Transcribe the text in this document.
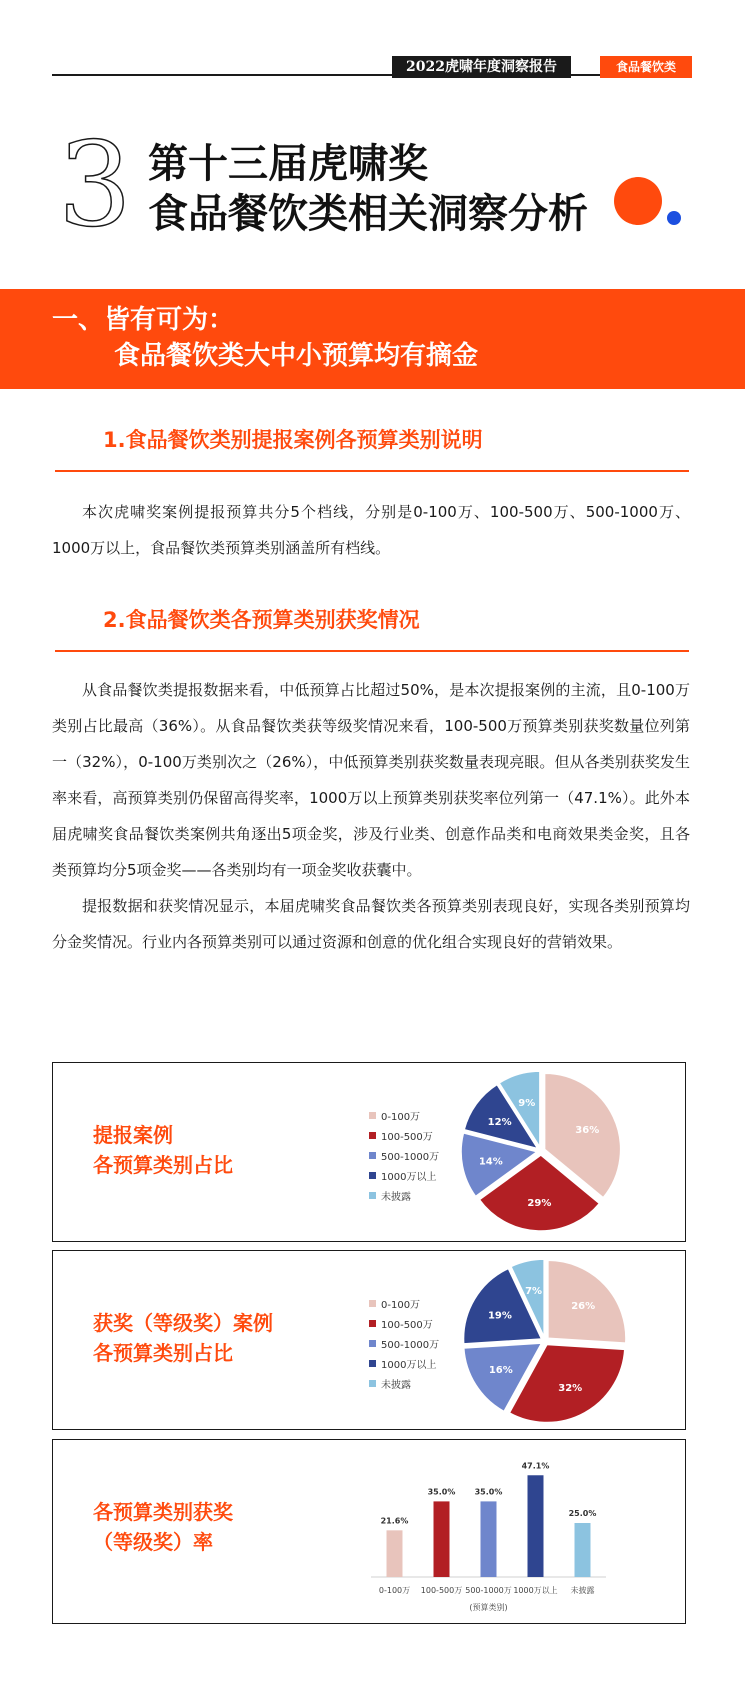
2022虎啸年度洞察报告	食品餐饮类
3 第十三届虎啸奖
食品餐饮类相关洞察分析
一、皆有可为：
食品餐饮类大中小预算均有摘金
1.食品餐饮类别提报案例各预算类别说明

本次虎啸奖案例提报预算共分5个档线，分别是0-100万、100-500万、500-1000万、1000万以上，食品餐饮类预算类别涵盖所有档线。

2.食品餐饮类各预算类别获奖情况

从食品餐饮类提报数据来看，中低预算占比超过50%，是本次提报案例的主流，且0-100万类别占比最高（36%）。从食品餐饮类获等级奖情况来看，100-500万预算类别获奖数量位列第一（32%），0-100万类别次之（26%），中低预算类别获奖数量表现亮眼。但从各类别获奖发生率来看，高预算类别仍保留高得奖率，1000万以上预算类别获奖率位列第一（47.1%）。此外本届虎啸奖食品餐饮类案例共角逐出5项金奖，涉及行业类、创意作品类和电商效果类金奖，且各类预算均分5项金奖——各类别均有一项金奖收获囊中。

提报数据和获奖情况显示，本届虎啸奖食品餐饮类各预算类别表现良好，实现各类别预算均分金奖情况。行业内各预算类别可以通过资源和创意的优化组合实现良好的营销效果。

提报案例
各预算类别占比
0-100万
100-500万
500-1000万
1000万以上
未披露
36%
29%
14%
12%
9%
获奖（等级奖）案例
各预算类别占比
0-100万
100-500万
500-1000万
1000万以上
未披露
26%
32%
16%
19%
7%
各预算类别获奖
（等级奖）率
21.6%
0-100万
35.0%
100-500万
35.0%
500-1000万
47.1%
1000万以上
25.0%
未披露
(预算类别)
